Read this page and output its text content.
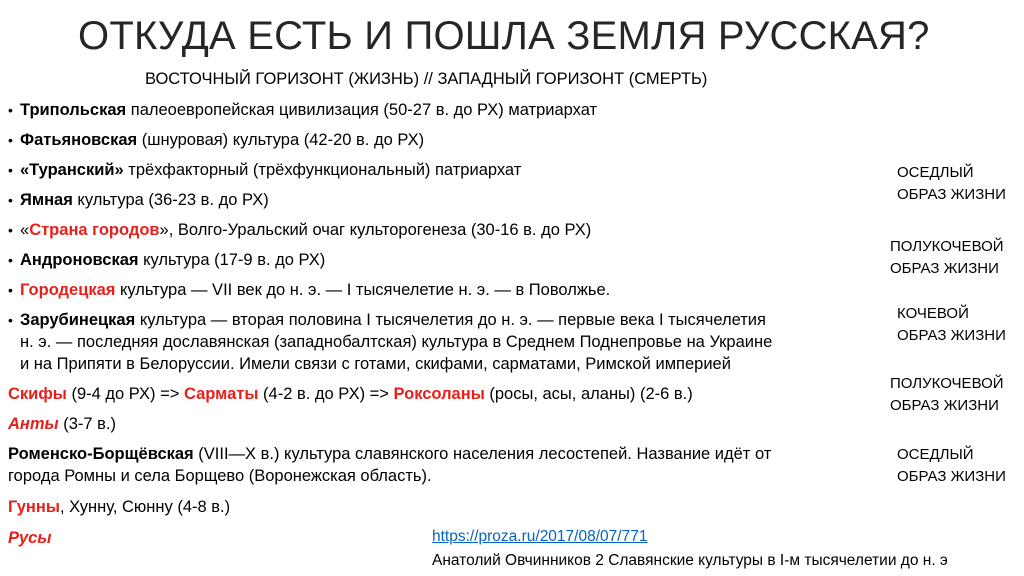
ОТКУДА ЕСТЬ И ПОШЛА ЗЕМЛЯ РУССКАЯ?
ВОСТОЧНЫЙ ГОРИЗОНТ (ЖИЗНЬ) // ЗАПАДНЫЙ ГОРИЗОНТ (СМЕРТЬ)
• Трипольская палеоевропейская цивилизация (50-27 в. до РХ) матриархат
• Фатьяновская (шнуровая) культура (42-20 в. до РХ)
• «Туранский» трёхфакторный (трёхфункциональный) патриархат
• Ямная культура (36-23 в. до РХ)
• «Страна городов», Волго-Уральский очаг культорогенеза (30-16 в. до РХ)
• Андроновская культура (17-9 в. до РХ)
• Городецкая культура — VII век до н. э. — I тысячелетие н. э. — в Поволжье.
• Зарубинецкая культура — вторая половина I тысячелетия до н. э. — первые века I тысячелетия
н. э. — последняя дославянская (западнобалтская) культура в Среднем Поднепровье на Украине
и на Припяти в Белоруссии. Имели связи с готами, скифами, сарматами, Римской империей
Скифы (9-4 до РХ) => Сарматы (4-2 в. до РХ) => Роксоланы (росы, асы, аланы) (2-6 в.)
Анты (3-7 в.)
Роменско-Борщёвская (VIII—X в.) культура славянского населения лесостепей. Название идёт от
города Ромны и села Борщево (Воронежская область).
Гунны, Хунну, Сюнну (4-8 в.)
Русы
ОСЕДЛЫЙ
ОБРАЗ ЖИЗНИ
ПОЛУКОЧЕВОЙ
ОБРАЗ ЖИЗНИ
КОЧЕВОЙ
ОБРАЗ ЖИЗНИ
ПОЛУКОЧЕВОЙ
ОБРАЗ ЖИЗНИ
ОСЕДЛЫЙ
ОБРАЗ ЖИЗНИ
https://proza.ru/2017/08/07/771
Анатолий Овчинников 2 Славянские культуры в I-м тысячелетии до н. э
